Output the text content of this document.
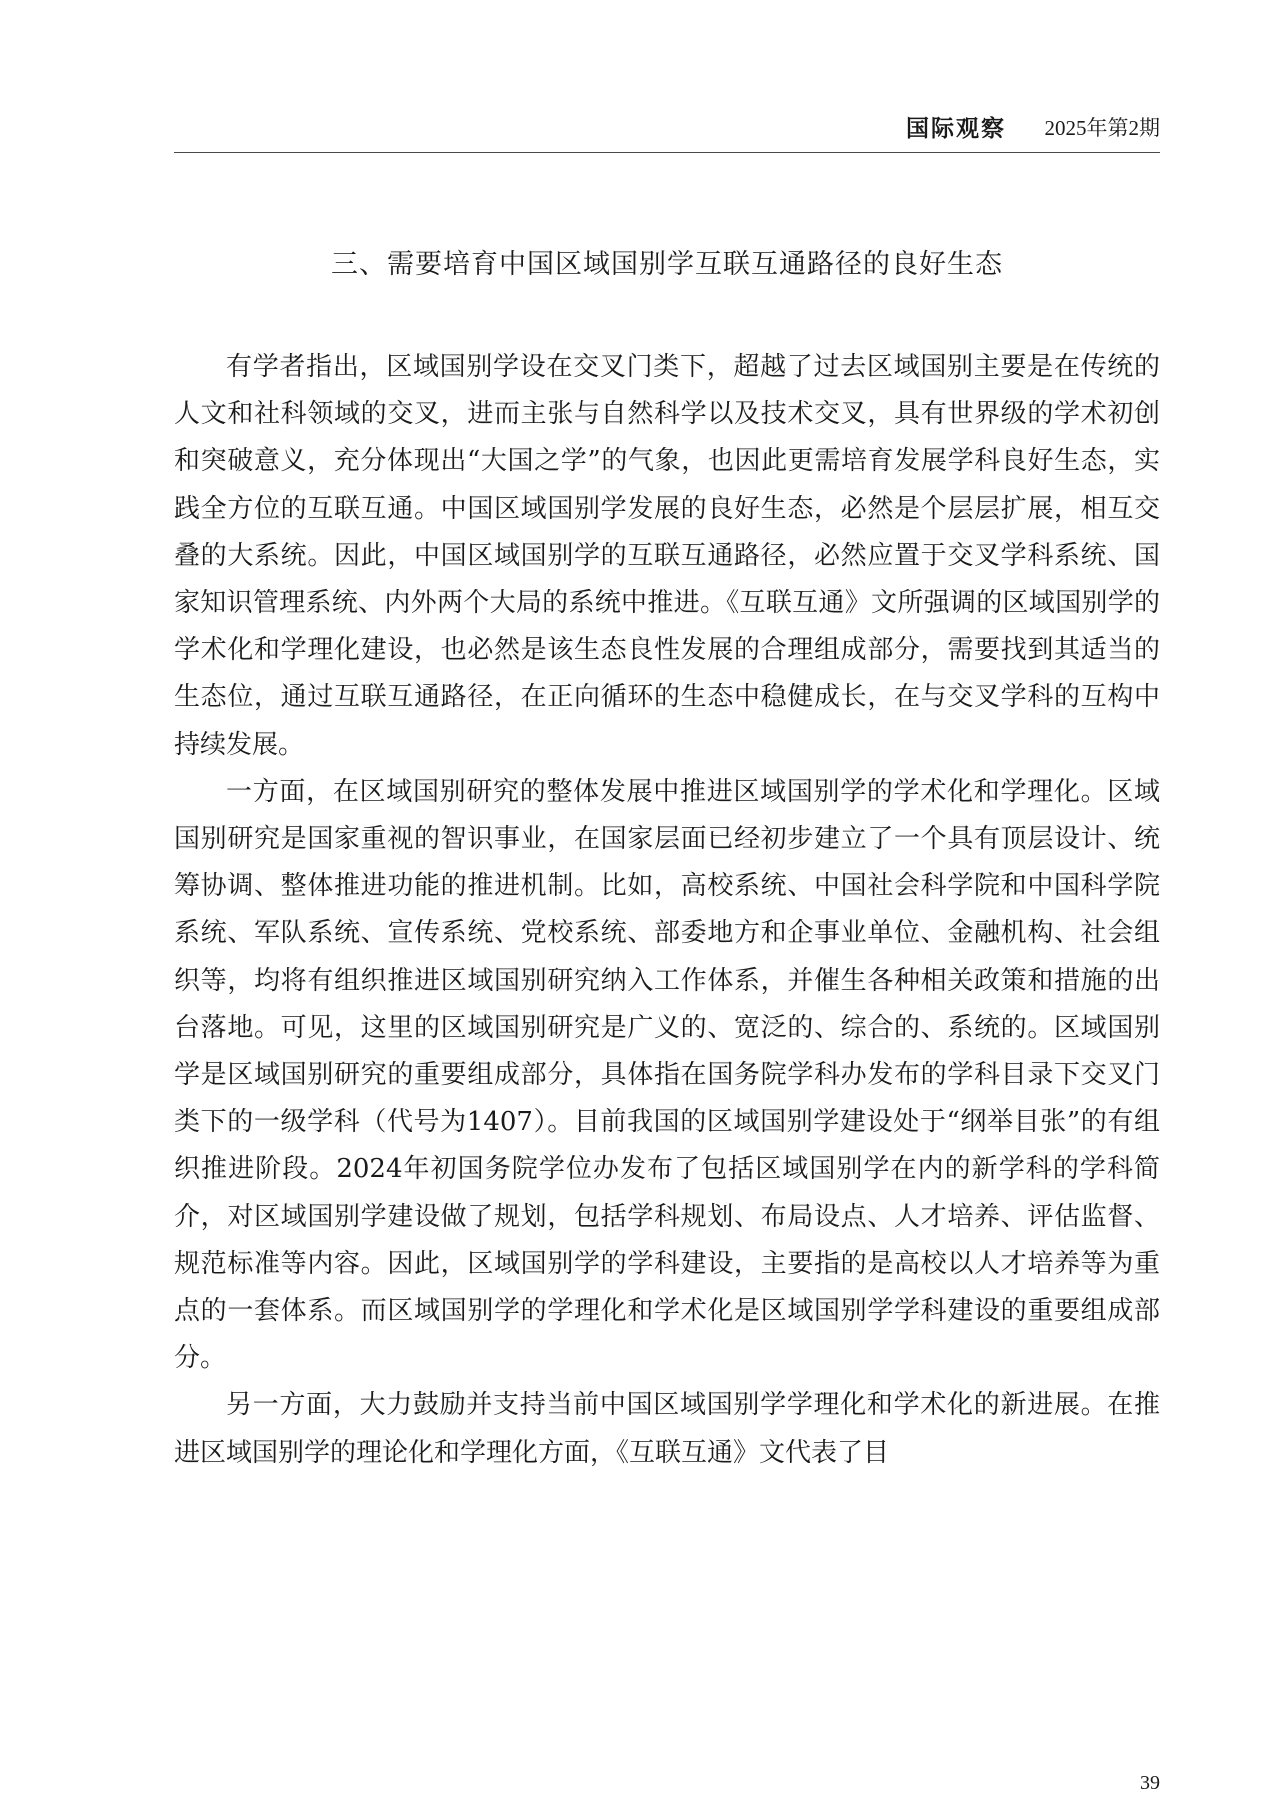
国际观察 2025年第2期
三、需要培育中国区域国别学互联互通路径的良好生态

有学者指出，区域国别学设在交叉门类下，超越了过去区域国别主要是在传统的人文和社科领域的交叉，进而主张与自然科学以及技术交叉，具有世界级的学术初创和突破意义，充分体现出“大国之学”的气象，也因此更需培育发展学科良好生态，实践全方位的互联互通。中国区域国别学发展的良好生态，必然是个层层扩展，相互交叠的大系统。因此，中国区域国别学的互联互通路径，必然应置于交叉学科系统、国家知识管理系统、内外两个大局的系统中推进。《互联互通》文所强调的区域国别学的学术化和学理化建设，也必然是该生态良性发展的合理组成部分，需要找到其适当的生态位，通过互联互通路径，在正向循环的生态中稳健成长，在与交叉学科的互构中持续发展。

一方面，在区域国别研究的整体发展中推进区域国别学的学术化和学理化。区域国别研究是国家重视的智识事业，在国家层面已经初步建立了一个具有顶层设计、统筹协调、整体推进功能的推进机制。比如，高校系统、中国社会科学院和中国科学院系统、军队系统、宣传系统、党校系统、部委地方和企事业单位、金融机构、社会组织等，均将有组织推进区域国别研究纳入工作体系，并催生各种相关政策和措施的出台落地。可见，这里的区域国别研究是广义的、宽泛的、综合的、系统的。区域国别学是区域国别研究的重要组成部分，具体指在国务院学科办发布的学科目录下交叉门类下的一级学科（代号为1407）。目前我国的区域国别学建设处于“纲举目张”的有组织推进阶段。2024年初国务院学位办发布了包括区域国别学在内的新学科的学科简介，对区域国别学建设做了规划，包括学科规划、布局设点、人才培养、评估监督、规范标准等内容。因此，区域国别学的学科建设，主要指的是高校以人才培养等为重点的一套体系。而区域国别学的学理化和学术化是区域国别学学科建设的重要组成部分。

另一方面，大力鼓励并支持当前中国区域国别学学理化和学术化的新进展。在推进区域国别学的理论化和学理化方面，《互联互通》文代表了目

39
